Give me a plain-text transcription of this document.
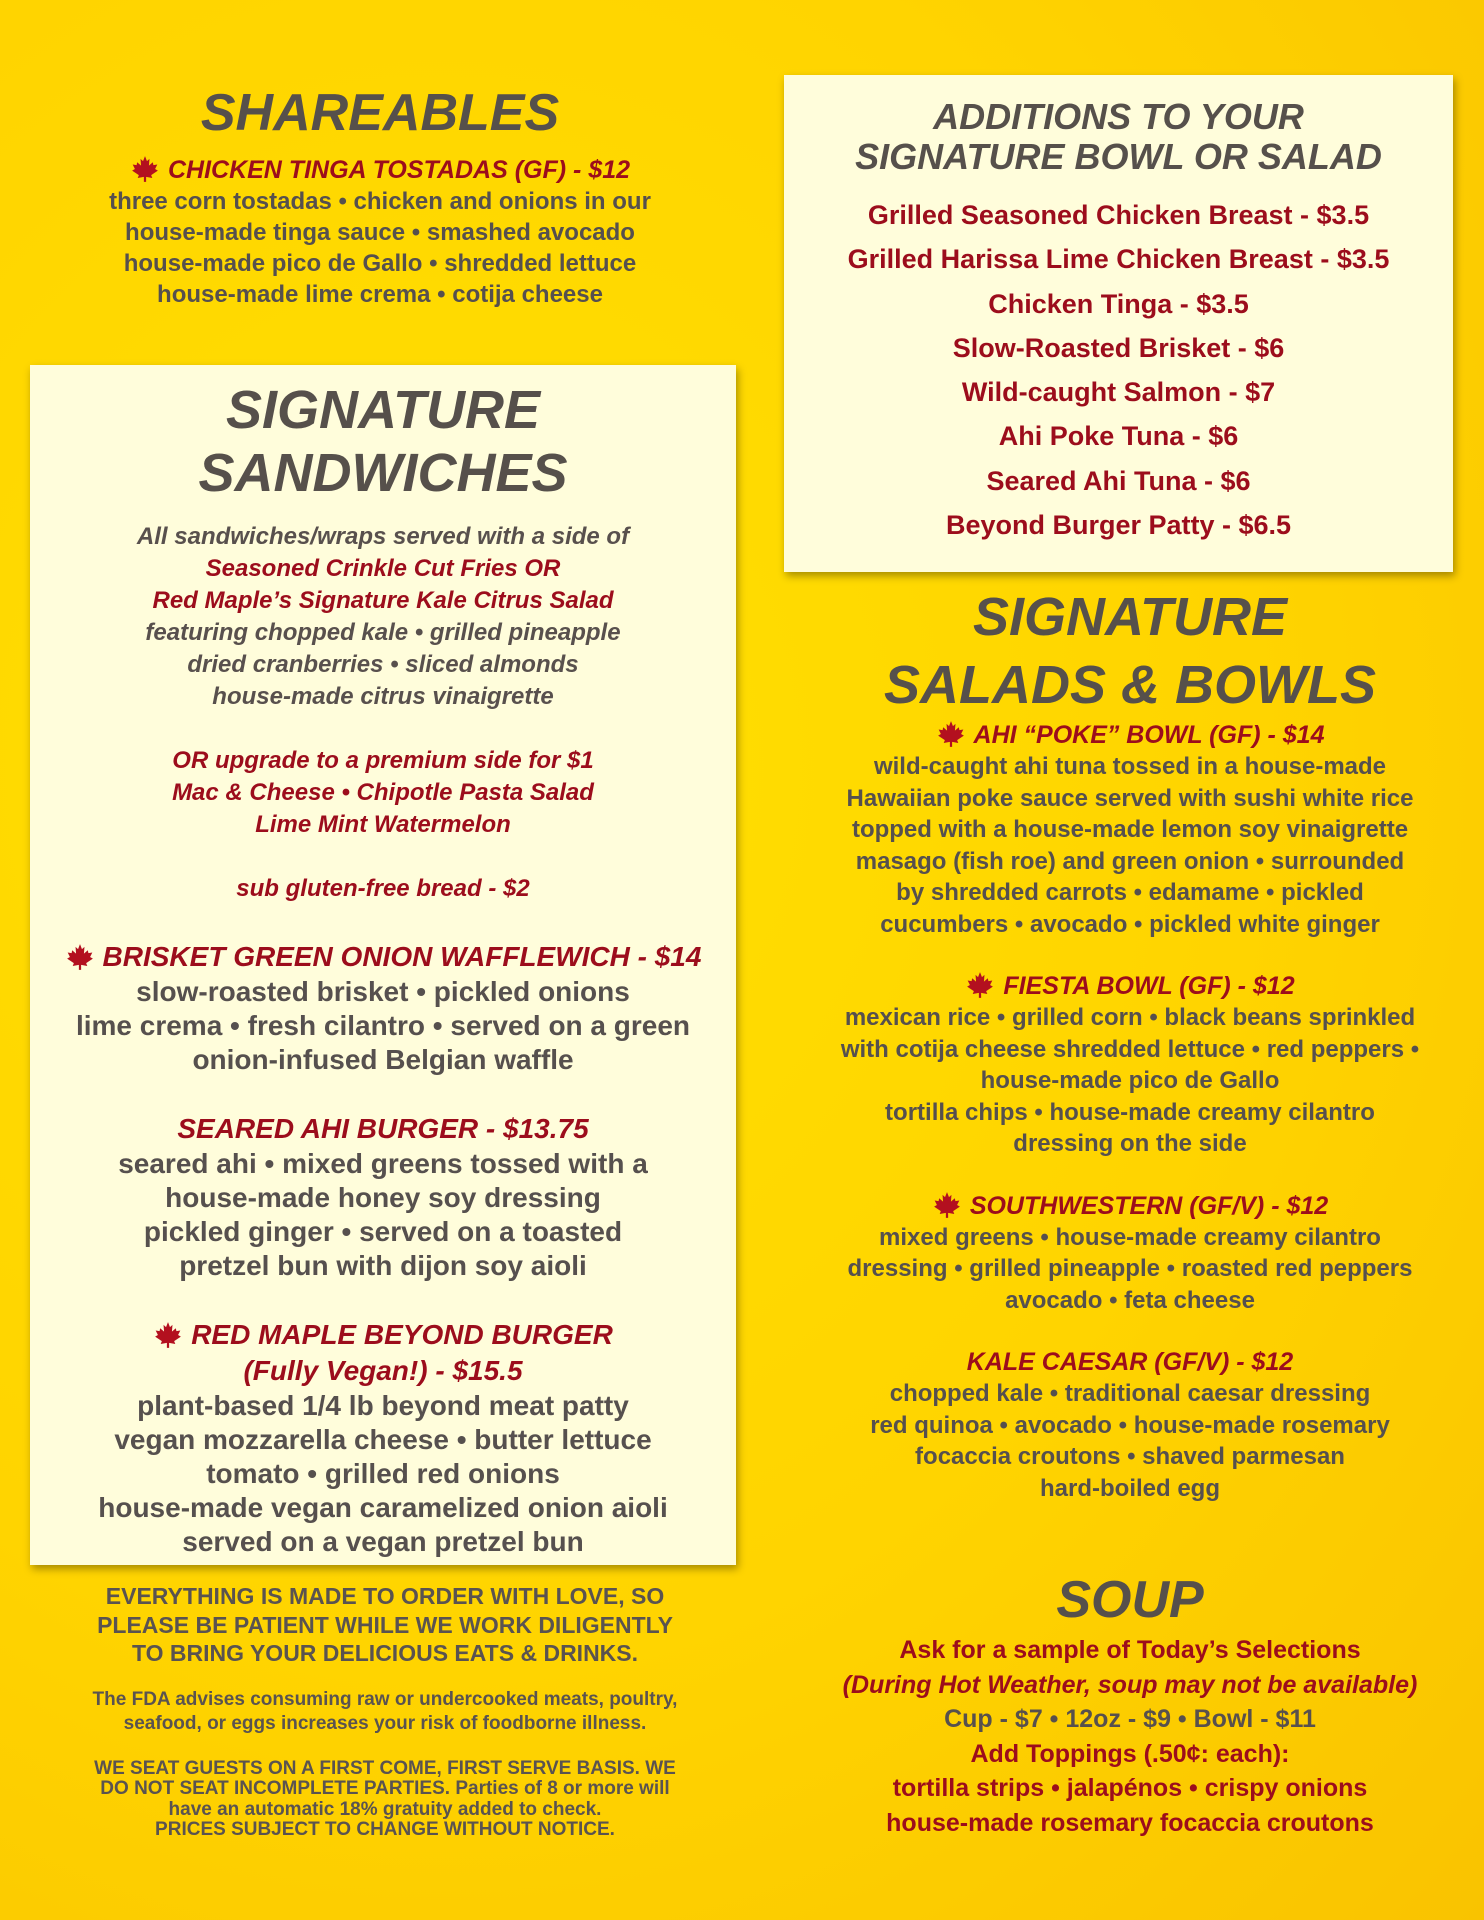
SHAREABLES
CHICKEN TINGA TOSTADAS (GF) - $12
three corn tostadas • chicken and onions in our
house-made tinga sauce • smashed avocado
house-made pico de Gallo • shredded lettuce
house-made lime crema • cotija cheese
SIGNATURE
SANDWICHES
All sandwiches/wraps served with a side of
Seasoned Crinkle Cut Fries OR
Red Maple’s Signature Kale Citrus Salad
featuring chopped kale • grilled pineapple
dried cranberries • sliced almonds
house-made citrus vinaigrette
OR upgrade to a premium side for $1
Mac & Cheese • Chipotle Pasta Salad
Lime Mint Watermelon
sub gluten-free bread - $2
BRISKET GREEN ONION WAFFLEWICH - $14
slow-roasted brisket • pickled onions
lime crema • fresh cilantro • served on a green
onion-infused Belgian waffle
SEARED AHI BURGER - $13.75
seared ahi • mixed greens tossed with a
house-made honey soy dressing
pickled ginger • served on a toasted
pretzel bun with dijon soy aioli
RED MAPLE BEYOND BURGER
(Fully Vegan!) - $15.5
plant-based 1/4 lb beyond meat patty
vegan mozzarella cheese • butter lettuce
tomato • grilled red onions
house-made vegan caramelized onion aioli
served on a vegan pretzel bun
ADDITIONS TO YOUR
SIGNATURE BOWL OR SALAD
Grilled Seasoned Chicken Breast - $3.5
Grilled Harissa Lime Chicken Breast - $3.5
Chicken Tinga - $3.5
Slow-Roasted Brisket - $6
Wild-caught Salmon - $7
Ahi Poke Tuna - $6
Seared Ahi Tuna - $6
Beyond Burger Patty - $6.5
SIGNATURE
SALADS & BOWLS
AHI “POKE” BOWL (GF) - $14
wild-caught ahi tuna tossed in a house-made
Hawaiian poke sauce served with sushi white rice
topped with a house-made lemon soy vinaigrette
masago (fish roe) and green onion • surrounded
by shredded carrots • edamame • pickled
cucumbers • avocado • pickled white ginger
FIESTA BOWL (GF) - $12
mexican rice • grilled corn • black beans sprinkled
with cotija cheese shredded lettuce • red peppers •
house-made pico de Gallo
tortilla chips • house-made creamy cilantro
dressing on the side
SOUTHWESTERN (GF/V) - $12
mixed greens • house-made creamy cilantro
dressing • grilled pineapple • roasted red peppers
avocado • feta cheese
KALE CAESAR (GF/V) - $12
chopped kale • traditional caesar dressing
red quinoa • avocado • house-made rosemary
focaccia croutons • shaved parmesan
hard-boiled egg
SOUP
Ask for a sample of Today’s Selections
(During Hot Weather, soup may not be available)
Cup - $7 • 12oz - $9 • Bowl - $11
Add Toppings (.50¢: each):
tortilla strips • jalapénos • crispy onions
house-made rosemary focaccia croutons
EVERYTHING IS MADE TO ORDER WITH LOVE, SO
PLEASE BE PATIENT WHILE WE WORK DILIGENTLY
TO BRING YOUR DELICIOUS EATS & DRINKS.
The FDA advises consuming raw or undercooked meats, poultry,
seafood, or eggs increases your risk of foodborne illness.
WE SEAT GUESTS ON A FIRST COME, FIRST SERVE BASIS. WE
DO NOT SEAT INCOMPLETE PARTIES. Parties of 8 or more will
have an automatic 18% gratuity added to check.
PRICES SUBJECT TO CHANGE WITHOUT NOTICE.
